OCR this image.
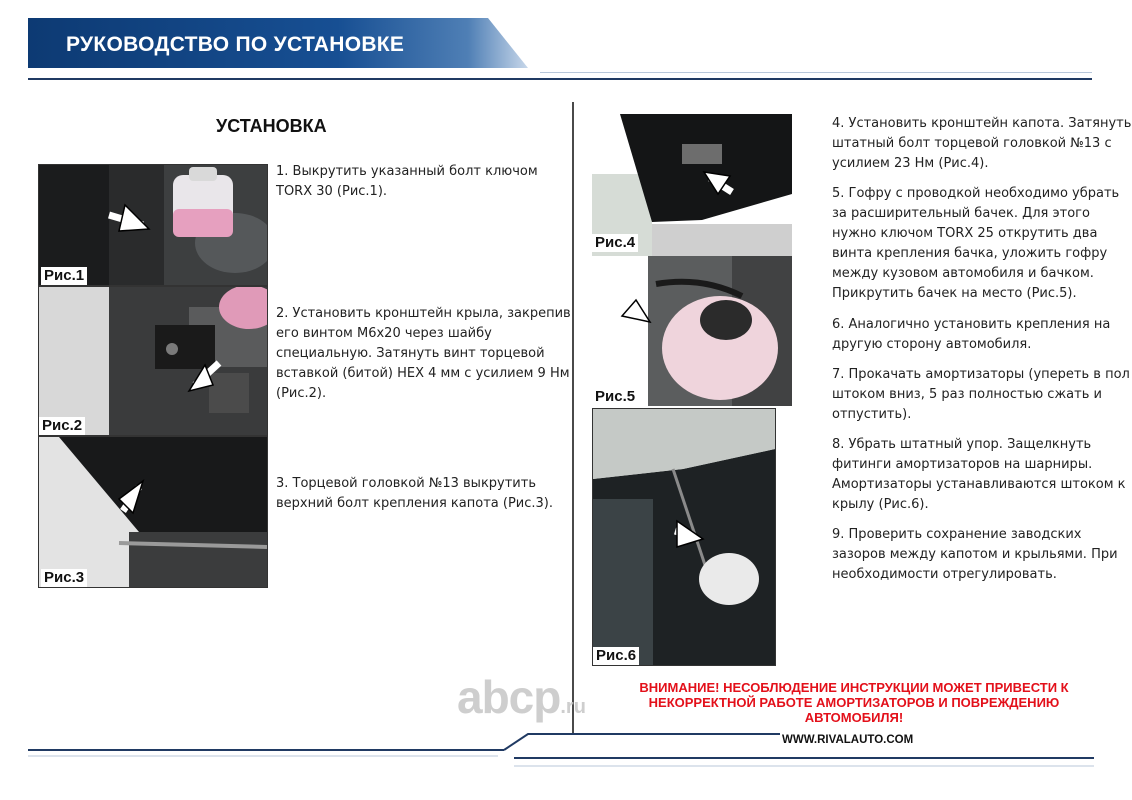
РУКОВОДСТВО ПО УСТАНОВКЕ
УСТАНОВКА
Рис.1
Рис.2
Рис.3
1. Выкрутить указанный болт ключом
TORX 30 (Рис.1).
2. Установить кронштейн крыла, закрепив
его винтом М6х20 через шайбу
специальную. Затянуть винт торцевой
вставкой (битой) HEX 4 мм с усилием 9 Нм
(Рис.2).
3. Торцевой головкой №13 выкрутить
верхний болт крепления капота (Рис.3).
Рис.4
Рис.5
Рис.6
4. Установить кронштейн капота. Затянуть
штатный болт торцевой головкой №13 с
усилием 23 Нм (Рис.4).
5. Гофру с проводкой необходимо убрать
за расширительный бачек. Для этого
нужно ключом TORX 25 открутить два
винта крепления бачка, уложить гофру
между кузовом автомобиля и бачком.
Прикрутить бачек на место (Рис.5).
6. Аналогично установить крепления на
другую сторону автомобиля.
7. Прокачать амортизаторы (упереть в пол
штоком вниз, 5 раз полностью сжать и
отпустить).
8. Убрать штатный упор. Защелкнуть
фитинги амортизаторов на шарниры.
Амортизаторы устанавливаются штоком к
крылу (Рис.6).
9. Проверить сохранение заводских
зазоров между капотом и крыльями. При
необходимости отрегулировать.
abcp.ru
ВНИМАНИЕ! НЕСОБЛЮДЕНИЕ ИНСТРУКЦИИ МОЖЕТ ПРИВЕСТИ К
НЕКОРРЕКТНОЙ РАБОТЕ АМОРТИЗАТОРОВ И ПОВРЕЖДЕНИЮ
АВТОМОБИЛЯ!
WWW.RIVALAUTO.COM
